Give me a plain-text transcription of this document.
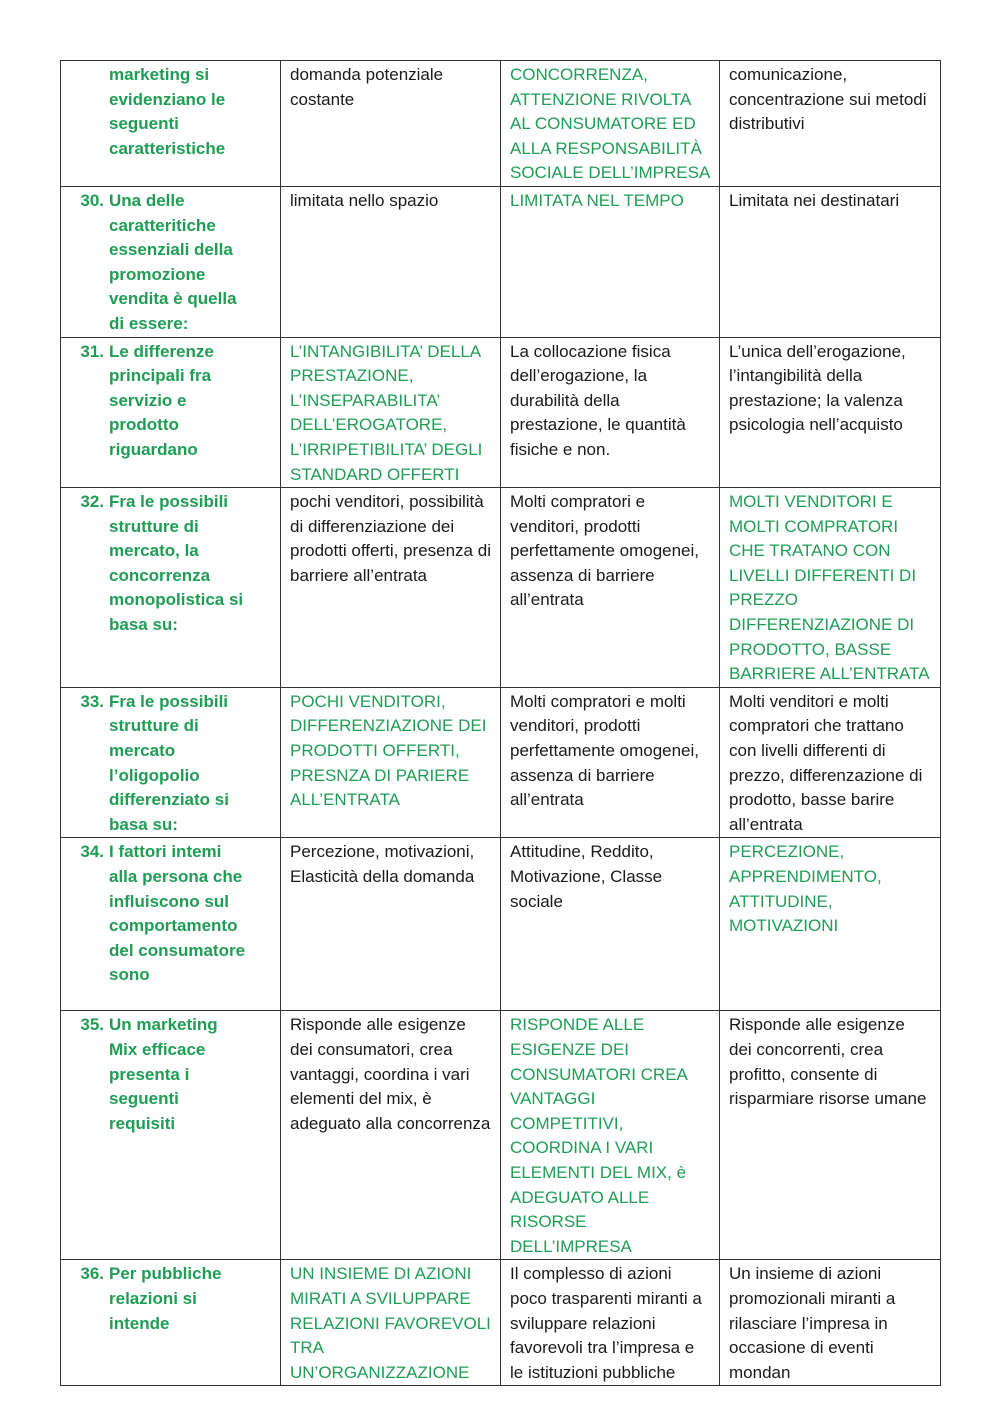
marketing si evidenziano le seguenti caratteristiche	domanda potenziale costante	CONCORRENZA, ATTENZIONE RIVOLTA AL CONSUMATORE ED ALLA RESPONSABILITÀ SOCIALE DELL’IMPRESA	comunicazione, concentrazione sui metodi distributivi
30. Una delle caratteritiche essenziali della promozione vendita è quella di essere:	limitata nello spazio	LIMITATA NEL TEMPO	Limitata nei destinatari
31. Le differenze principali fra servizio e prodotto riguardano	L’INTANGIBILITA’ DELLA PRESTAZIONE, L’INSEPARABILITA’ DELL’EROGATORE, L’IRRIPETIBILITA’ DEGLI STANDARD OFFERTI	La collocazione fisica dell’erogazione, la durabilità della prestazione, le quantità fisiche e non.	L’unica dell’erogazione, l’intangibilità della prestazione; la valenza psicologia nell’acquisto
32. Fra le possibili strutture di mercato, la concorrenza monopolistica si basa su:	pochi venditori, possibilità di differenziazione dei prodotti offerti, presenza di barriere all’entrata	Molti compratori e venditori, prodotti perfettamente omogenei, assenza di barriere all’entrata	MOLTI VENDITORI E MOLTI COMPRATORI CHE TRATANO CON LIVELLI DIFFERENTI DI PREZZO DIFFERENZIAZIONE DI PRODOTTO, BASSE BARRIERE ALL’ENTRATA
33. Fra le possibili strutture di mercato l’oligopolio differenziato si basa su:	POCHI VENDITORI, DIFFERENZIAZIONE DEI PRODOTTI OFFERTI, PRESNZA DI PARIERE ALL’ENTRATA	Molti compratori e molti venditori, prodotti perfettamente omogenei, assenza di barriere all’entrata	Molti venditori e molti compratori che trattano con livelli differenti di prezzo, differenzazione di prodotto, basse barire all’entrata
34. I fattori intemi alla persona che influiscono sul comportamento del consumatore sono	Percezione, motivazioni, Elasticità della domanda	Attitudine, Reddito, Motivazione, Classe sociale	PERCEZIONE, APPRENDIMENTO, ATTITUDINE, MOTIVAZIONI
35. Un marketing Mix efficace presenta i seguenti requisiti	Risponde alle esigenze dei consumatori, crea vantaggi, coordina i vari elementi del mix, è adeguato alla concorrenza	RISPONDE ALLE ESIGENZE DEI CONSUMATORI CREA VANTAGGI COMPETITIVI, COORDINA I VARI ELEMENTI DEL MIX, è ADEGUATO ALLE RISORSE DELL’IMPRESA	Risponde alle esigenze dei concorrenti, crea profitto, consente di risparmiare risorse umane
36. Per pubbliche relazioni si intende	UN INSIEME DI AZIONI MIRATI A SVILUPPARE RELAZIONI FAVOREVOLI TRA UN’ORGANIZZAZIONE	Il complesso di azioni poco trasparenti miranti a sviluppare relazioni favorevoli tra l’impresa e le istituzioni pubbliche	Un insieme di azioni promozionali miranti a rilasciare l’impresa in occasione di eventi mondan
